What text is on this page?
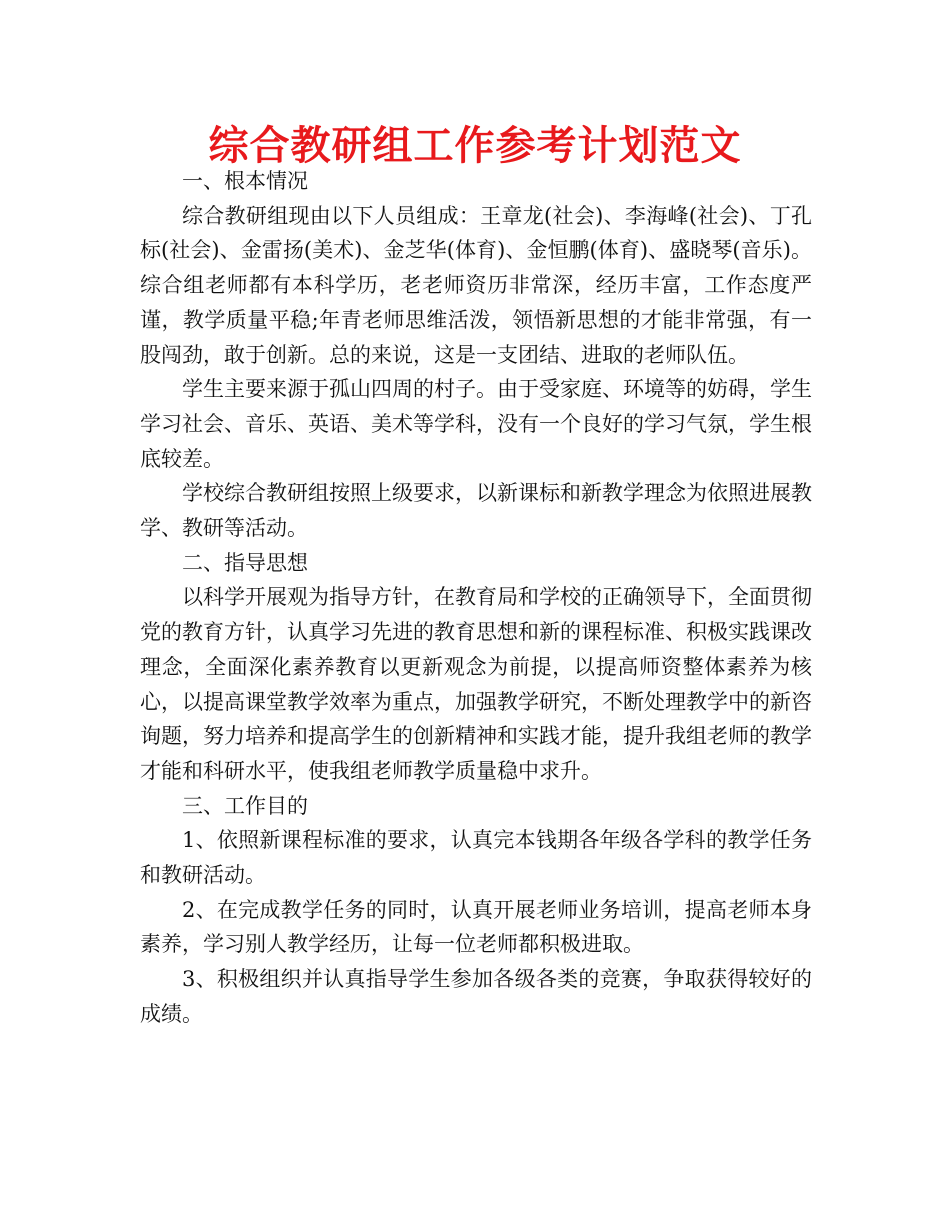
综合教研组工作参考计划范文

一、根本情况

综合教研组现由以下人员组成：王章龙(社会)、李海峰(社会)、丁孔标(社会)、金雷扬(美术)、金芝华(体育)、金恒鹏(体育)、盛晓琴(音乐)。综合组老师都有本科学历，老老师资历非常深，经历丰富，工作态度严谨，教学质量平稳;年青老师思维活泼，领悟新思想的才能非常强，有一股闯劲，敢于创新。总的来说，这是一支团结、进取的老师队伍。

学生主要来源于孤山四周的村子。由于受家庭、环境等的妨碍，学生学习社会、音乐、英语、美术等学科，没有一个良好的学习气氛，学生根底较差。

学校综合教研组按照上级要求，以新课标和新教学理念为依照进展教学、教研等活动。

二、指导思想

以科学开展观为指导方针，在教育局和学校的正确领导下，全面贯彻党的教育方针，认真学习先进的教育思想和新的课程标准、积极实践课改理念，全面深化素养教育以更新观念为前提，以提高师资整体素养为核心，以提高课堂教学效率为重点，加强教学研究，不断处理教学中的新咨询题，努力培养和提高学生的创新精神和实践才能，提升我组老师的教学才能和科研水平，使我组老师教学质量稳中求升。

三、工作目的

1、依照新课程标准的要求，认真完本钱期各年级各学科的教学任务和教研活动。

2、在完成教学任务的同时，认真开展老师业务培训，提高老师本身素养，学习别人教学经历，让每一位老师都积极进取。

3、积极组织并认真指导学生参加各级各类的竞赛，争取获得较好的成绩。
